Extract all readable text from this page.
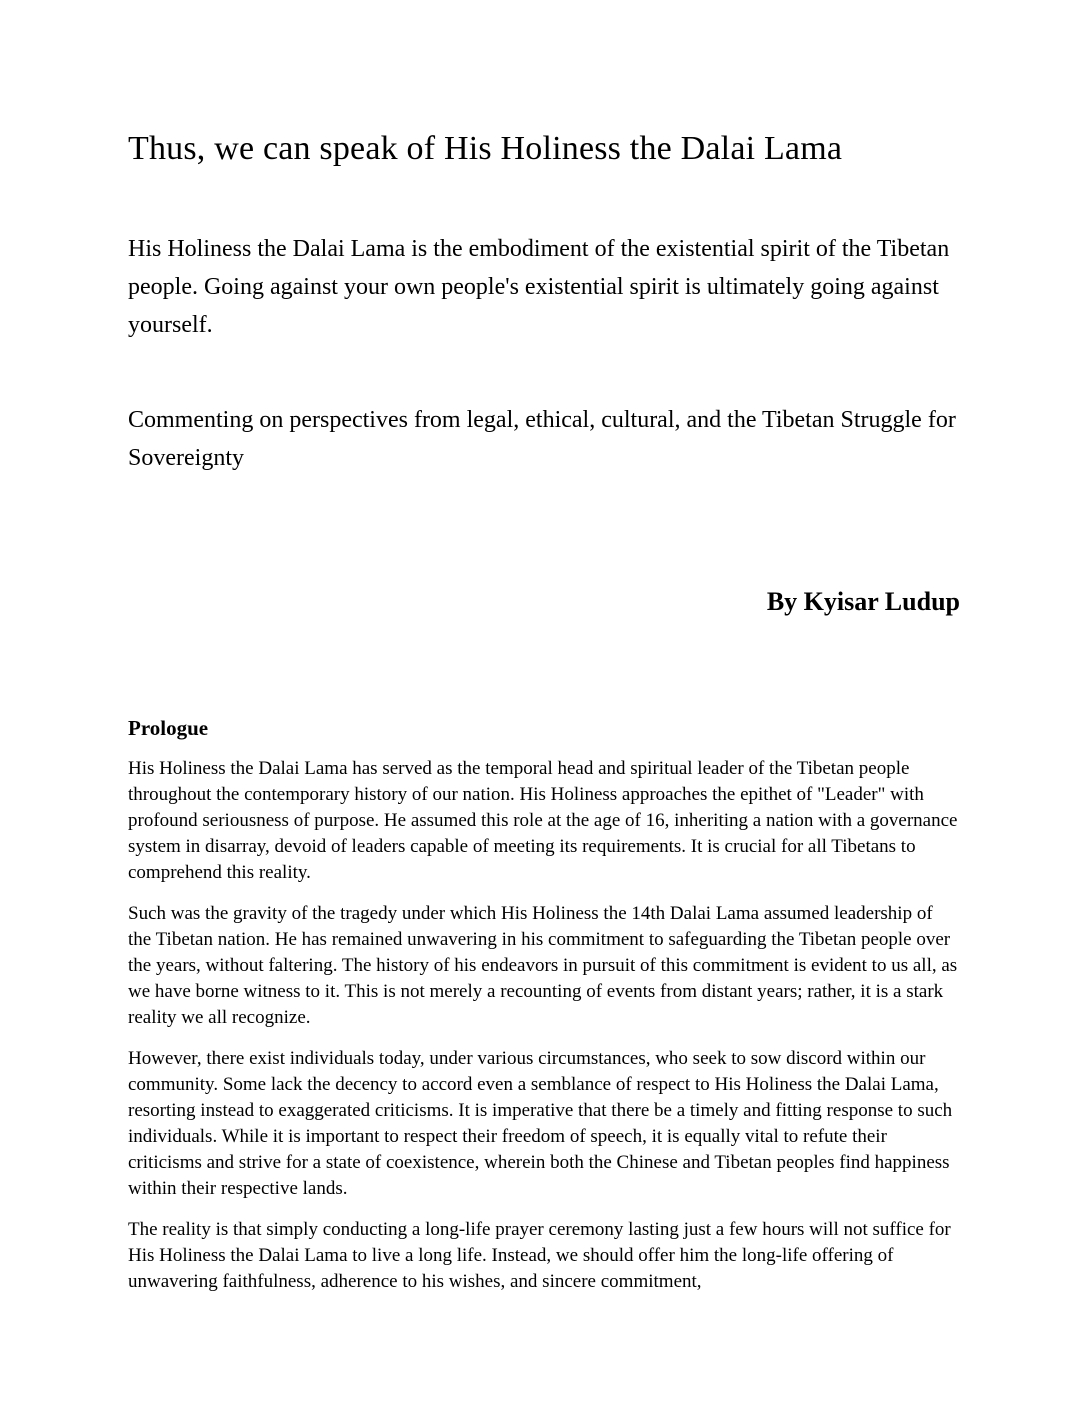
Thus, we can speak of His Holiness the Dalai Lama

His Holiness the Dalai Lama is the embodiment of the existential spirit of the Tibetan people. Going against your own people's existential spirit is ultimately going against yourself.

Commenting on perspectives from legal, ethical, cultural, and the Tibetan Struggle for Sovereignty

By Kyisar Ludup

Prologue

His Holiness the Dalai Lama has served as the temporal head and spiritual leader of the Tibetan people throughout the contemporary history of our nation. His Holiness approaches the epithet of "Leader" with profound seriousness of purpose. He assumed this role at the age of 16, inheriting a nation with a governance system in disarray, devoid of leaders capable of meeting its requirements. It is crucial for all Tibetans to comprehend this reality.

Such was the gravity of the tragedy under which His Holiness the 14th Dalai Lama assumed leadership of the Tibetan nation. He has remained unwavering in his commitment to safeguarding the Tibetan people over the years, without faltering. The history of his endeavors in pursuit of this commitment is evident to us all, as we have borne witness to it. This is not merely a recounting of events from distant years; rather, it is a stark reality we all recognize.

However, there exist individuals today, under various circumstances, who seek to sow discord within our community. Some lack the decency to accord even a semblance of respect to His Holiness the Dalai Lama, resorting instead to exaggerated criticisms. It is imperative that there be a timely and fitting response to such individuals. While it is important to respect their freedom of speech, it is equally vital to refute their criticisms and strive for a state of coexistence, wherein both the Chinese and Tibetan peoples find happiness within their respective lands.

The reality is that simply conducting a long-life prayer ceremony lasting just a few hours will not suffice for His Holiness the Dalai Lama to live a long life. Instead, we should offer him the long-life offering of unwavering faithfulness, adherence to his wishes, and sincere commitment,
